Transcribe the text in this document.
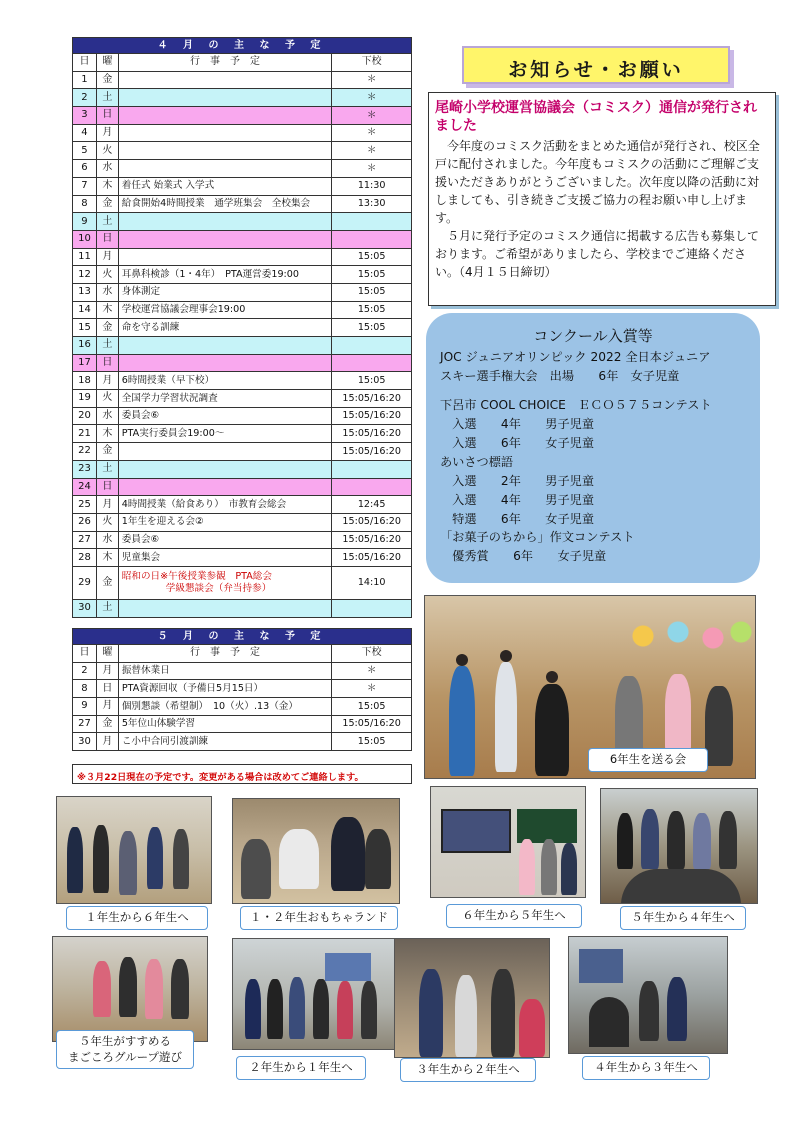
４ 月 の 主 な 予 定			
日	曜	行　事　予　定	下校
1	金		＊
2	土		＊
3	日		＊
4	月		＊
5	火		＊
6	水		＊
7	木	着任式 始業式 入学式	11:30
8	金	給食開始4時間授業　通学班集会　全校集会	13:30
9	土		
10	日		
11	月		15:05
12	火	耳鼻科検診（1・4年）　PTA運営委19:00	15:05
13	水	身体測定	15:05
14	木	学校運営協議会理事会19:00	15:05
15	金	命を守る訓練	15:05
16	土		
17	日		
18	月	6時間授業（早下校）	15:05
19	火	全国学力学習状況調査	15:05/16:20
20	水	委員会⑥	15:05/16:20
21	木	PTA実行委員会19:00～	15:05/16:20
22	金		15:05/16:20
23	土		
24	日		
25	月	4時間授業（給食あり）　市教育会総会	12:45
26	火	1年生を迎える会②	15:05/16:20
27	水	委員会⑥	15:05/16:20
28	木	児童集会	15:05/16:20
29	金	昭和の日※午後授業参観　PTA総会
学級懇談会（弁当持参）	14:10
30	土		
５ 月 の 主 な 予 定			
日	曜	行　事　予　定	下校
2	月	振替休業日	＊
8	日	PTA資源回収（予備日5月15日）	＊
9	月	個別懇談（希望制）　10（火）.13（金）	15:05
27	金	5年位山体験学習	15:05/16:20
30	月	こ小中合同引渡訓練	15:05
※３月22日現在の予定です。変更がある場合は改めてご連絡します。
お知らせ・お願い
尾崎小学校運営協議会（コミスク）通信が発行されました

今年度のコミスク活動をまとめた通信が発行され、校区全戸に配付されました。今年度もコミスクの活動にご理解ご支援いただきありがとうございました。次年度以降の活動に対しましても、引き続きご支援ご協力の程お願い申し上げます。

５月に発行予定のコミスク通信に掲載する広告も募集しております。ご希望がありましたら、学校までご連絡ください。（4月１５日締切）

コンクール入賞等
JOC ジュニアオリンピック 2022 全日本ジュニア
スキー選手権大会　出場　　6年　女子児童
下呂市 COOL CHOICE　ＥＣＯ５７５コンテスト
　入選　　4年　　男子児童
　入選　　6年　　女子児童
あいさつ標語
　入選　　2年　　男子児童
　入選　　4年　　男子児童
　特選　　6年　　女子児童
「お菓子のちから」作文コンテスト
　優秀賞　　6年　　女子児童
6年生を送る会
１年生から６年生へ	１・２年生おもちゃランド	６年生から５年生へ	５年生から４年生へ
５年生がすすめる
まごころグループ遊び
２年生から１年生へ	３年生から２年生へ	４年生から３年生へ
